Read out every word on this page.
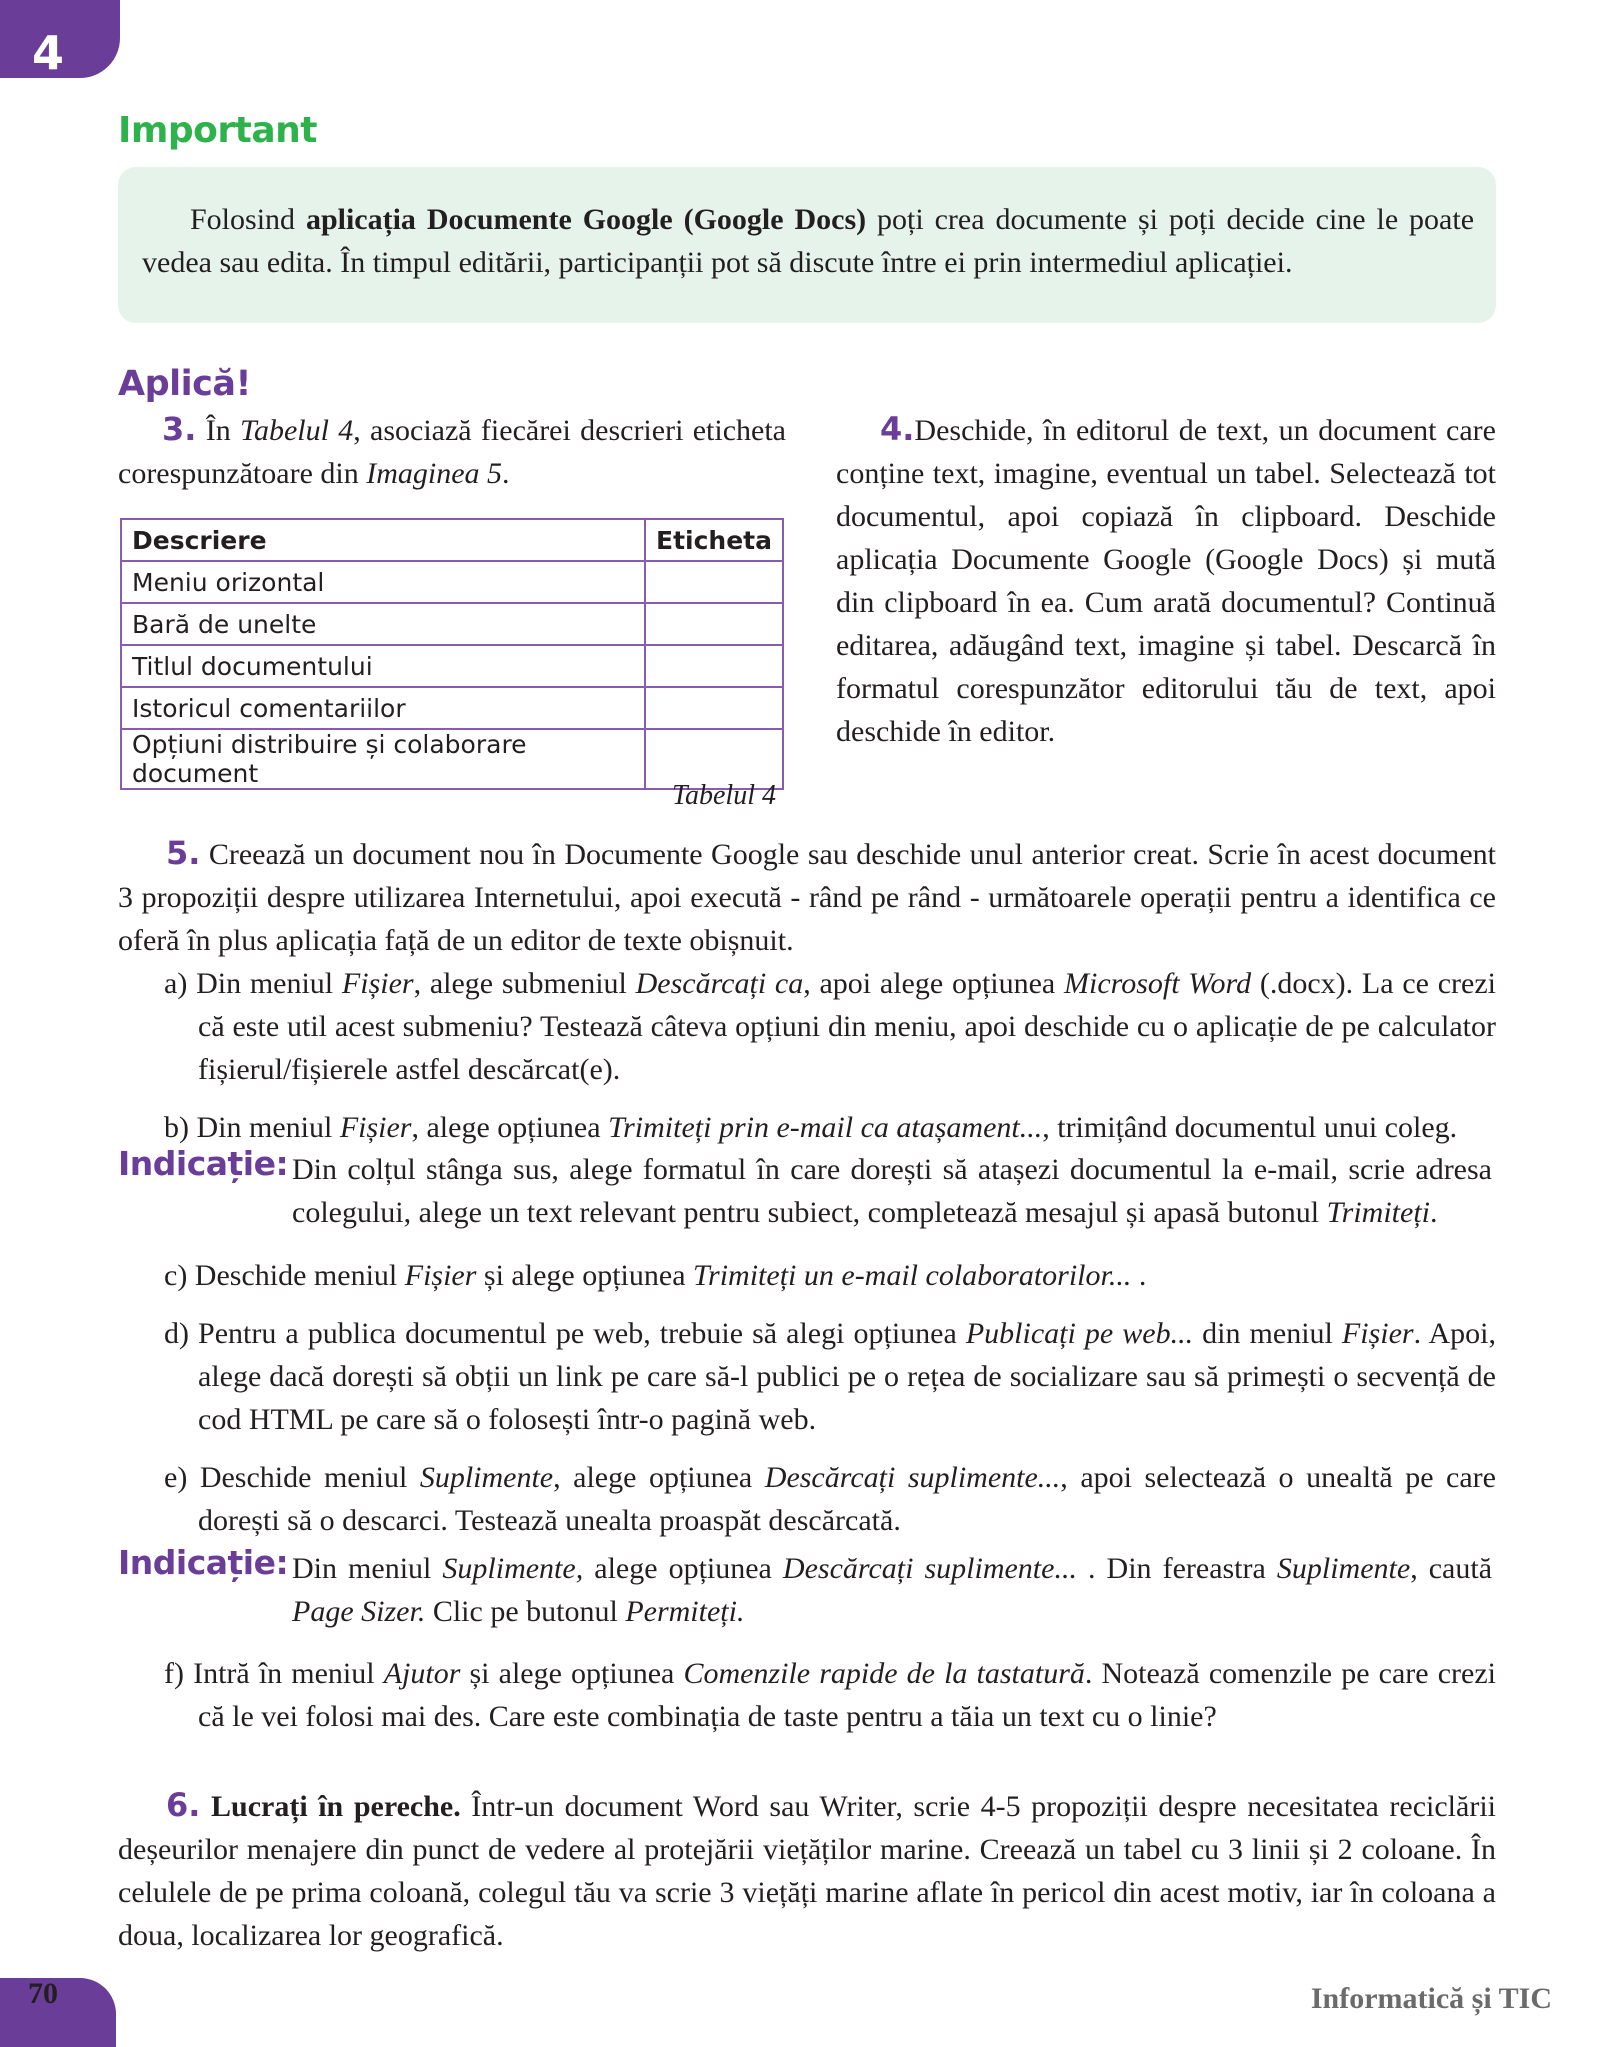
4
Important

Folosind aplicația Documente Google (Google Docs) poți crea documente și poți decide cine le poate vedea sau edita. În timpul editării, participanții pot să discute între ei prin intermediul aplicației.

Aplică!

3. În Tabelul 4, asociază fiecărei descrieri eticheta corespunzătoare din Imaginea 5.

Descriere	Eticheta
Meniu orizontal	
Bară de unelte	
Titlul documentului	
Istoricul comentariilor	
Opțiuni distribuire și colaborare document	
Tabelul 4

4.Deschide, în editorul de text, un document care conține text, imagine, eventual un tabel. Selectează tot documentul, apoi copiază în clipboard. Deschide aplicația Documente Google (Google Docs) și mută din clipboard în ea. Cum arată documentul? Continuă editarea, adăugând text, imagine și tabel. Descarcă în formatul corespunzător editorului tău de text, apoi deschide în editor.

5. Creează un document nou în Documente Google sau deschide unul anterior creat. Scrie în acest document 3 propoziții despre utilizarea Internetului, apoi execută - rând pe rând - următoarele operații pentru a identifica ce oferă în plus aplicația față de un editor de texte obișnuit.

a) Din meniul Fișier, alege submeniul Descărcați ca, apoi alege opțiunea Microsoft Word (.docx). La ce crezi că este util acest submeniu? Testează câteva opțiuni din meniu, apoi deschide cu o aplicație de pe calculator fișierul/fișierele astfel descărcat(e).

b) Din meniul Fișier, alege opțiunea Trimiteți prin e-mail ca atașament..., trimițând documentul unui coleg.

Indicație: Din colțul stânga sus, alege formatul în care dorești să atașezi documentul la e-mail, scrie adresa colegului, alege un text relevant pentru subiect, completează mesajul și apasă butonul Trimiteți.

c) Deschide meniul Fișier și alege opțiunea Trimiteți un e-mail colaboratorilor... .

d) Pentru a publica documentul pe web, trebuie să alegi opțiunea Publicați pe web... din meniul Fișier. Apoi, alege dacă dorești să obții un link pe care să-l publici pe o rețea de socializare sau să primești o secvență de cod HTML pe care să o folosești într-o pagină web.

e) Deschide meniul Suplimente, alege opțiunea Descărcați suplimente..., apoi selectează o unealtă pe care dorești să o descarci. Testează unealta proaspăt descărcată.

Indicație: Din meniul Suplimente, alege opțiunea Descărcați suplimente... . Din fereastra Suplimente, caută Page Sizer. Clic pe butonul Permiteți.

f) Intră în meniul Ajutor și alege opțiunea Comenzile rapide de la tastatură. Notează comenzile pe care crezi că le vei folosi mai des. Care este combinația de taste pentru a tăia un text cu o linie?

6. Lucrați în pereche. Într-un document Word sau Writer, scrie 4-5 propoziții despre necesitatea reciclării deșeurilor menajere din punct de vedere al protejării viețăților marine. Creează un tabel cu 3 linii și 2 coloane. În celulele de pe prima coloană, colegul tău va scrie 3 viețăți marine aflate în pericol din acest motiv, iar în coloana a doua, localizarea lor geografică.

70	Informatică și TIC
